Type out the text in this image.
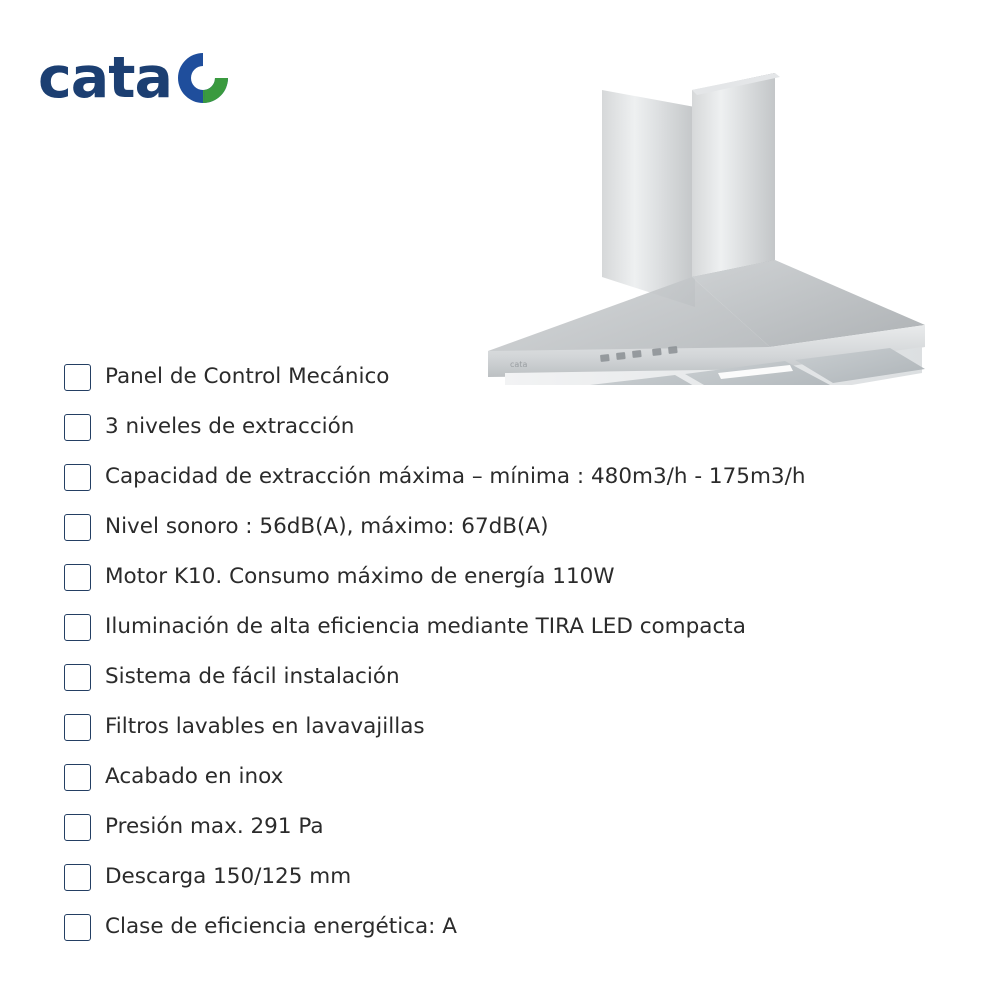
cata
cata
Panel de Control Mecánico
3 niveles de extracción
Capacidad de extracción máxima – mínima : 480m3/h - 175m3/h
Nivel sonoro : 56dB(A), máximo: 67dB(A)
Motor K10. Consumo máximo de energía 110W
Iluminación de alta eficiencia mediante TIRA LED compacta
Sistema de fácil instalación
Filtros lavables en lavavajillas
Acabado en inox
Presión max. 291 Pa
Descarga 150/125 mm
Clase de eficiencia energética: A
